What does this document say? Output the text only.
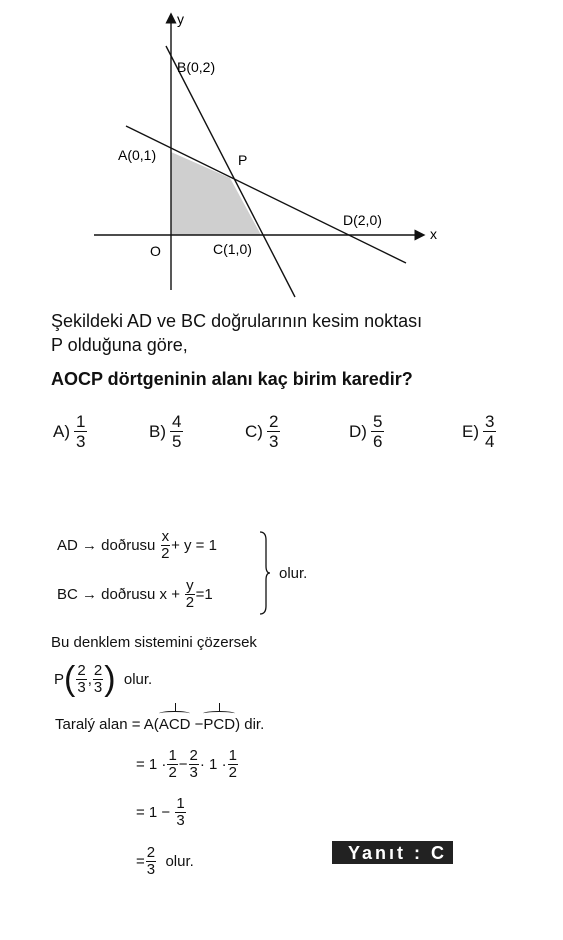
y
x
B(0,2)
A(0,1)	P
D(2,0)
O	C(1,0)
Şekildeki AD ve BC doğrularının kesim noktası
P olduğuna göre,
AOCP dörtgeninin alanı kaç birim karedir?
$A) \frac{1}{3}$	$B) \frac{4}{5}$	$C) \frac{2}{3}$	$D) \frac{5}{6}$	$E) \frac{3}{4}$
AD → doðrusu

x
2 + y = 1
BC → doðrusu x +
$\frac{y}{2} =1$
olur.
Bu denklem sistemini çözersek
P ( 2
3 ,
2
3 )
olur.
Taralý alan = A( ACD
− PCD ) dir.
= 1 ·
1
$2 - \frac{2}{3} \cdot 1$ ·
1
2
= 1 −
$\frac{1}{3}$
= $\frac{2}{3}$
olur.	Yanıt : C
